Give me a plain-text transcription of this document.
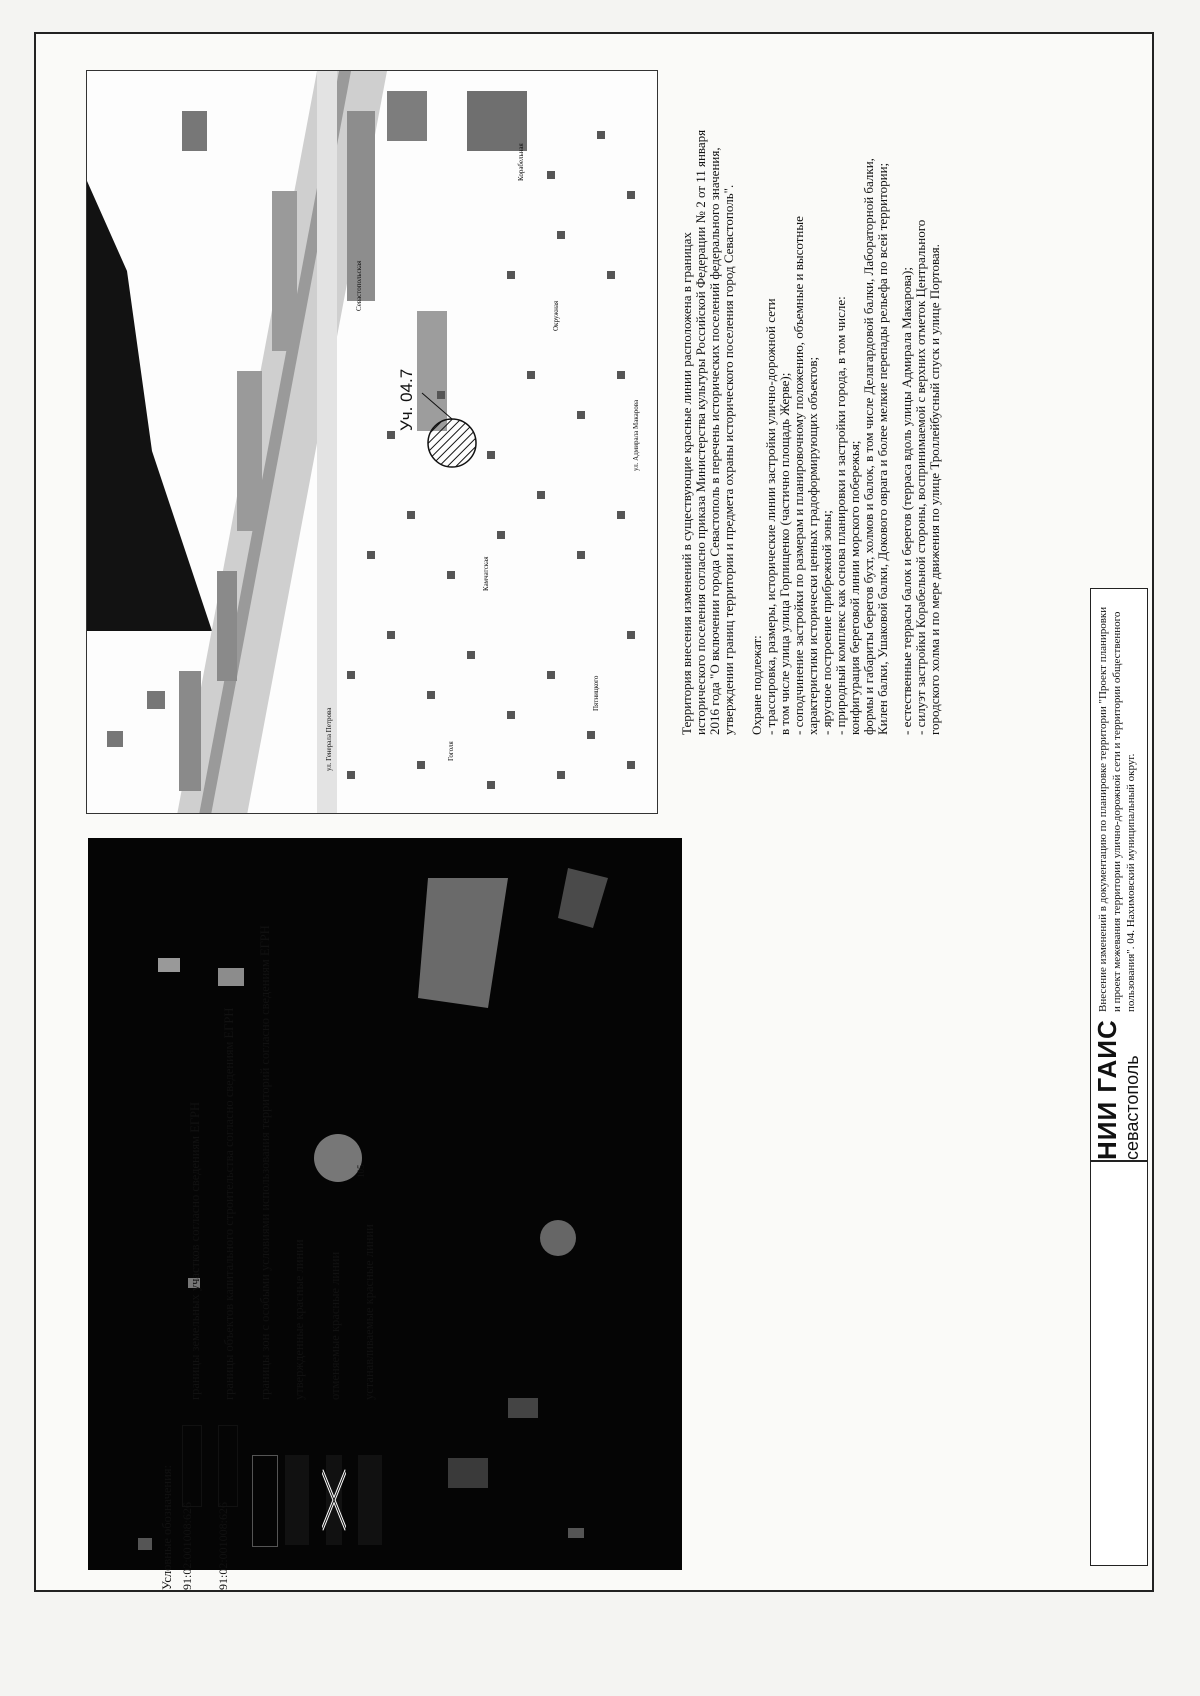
Уч. 04.7
ул. Генерала Петрова
Севастопольская
Камчатская
Окружная
Пятницкого
Гоголя
ул. Адмирала Макарова
Корабельная
105
Территория внесения изменений в существующие красные линии расположена в границах исторического поселения согласно приказа Министерства культуры Российской Федерации № 2 от 11 января 2016 года "О включении города Севастополь в перечень исторических поселений федерального значения, утверждении границ территории и предмета охраны исторического поселения город Севастополь". Охране подлежат: - трассировка, размеры, исторические линии застройки улично-дорожной сети в том числе улица улица Горпищенко (частично площадь Жерве); - соподчинение застройки по размерам и планировочному положению, объемные и высотные характеристики исторически ценных градоформирующих объектов; - ярусное построение прибрежной зоны; - природный комплекс как основа планировки и застройки города, в том числе: конфигурация береговой линии морского побережья; формы и габариты берегов бухт, холмов и балок, в том числе Делагардовой балки, Лабораторной балки, Килен балки, Ушаковой балки, Докового оврага и более мелкие перепады рельефа по всей территории; - естественные террасы балок и берегов (терраса вдоль улицы Адмирала Макарова); - силуэт застройки Корабельной стороны, воспринимаемой с верхних отметок Центрального городского холма и по мере движения по улице Троллейбусный спуск и улице Портовая.
Условные обозначения: 91:02:001008:626 91:02:001008:626
границы земельных участков согласно сведениям ЕГРН границы объектов капитального строительства согласно сведениям ЕГРН границы зон с особыми условиями использования территорий согласно сведениям ЕГРН утвержденные красные линии отменяемые красные линии устанавливаемые красные линии
НИИ ГАИС севастополь
Внесение изменений в документацию по планировке территории "Проект планировки и проект межевания территории улично-дорожной сети и территории общественного пользования". 04. Нахимовский муниципальный округ.
